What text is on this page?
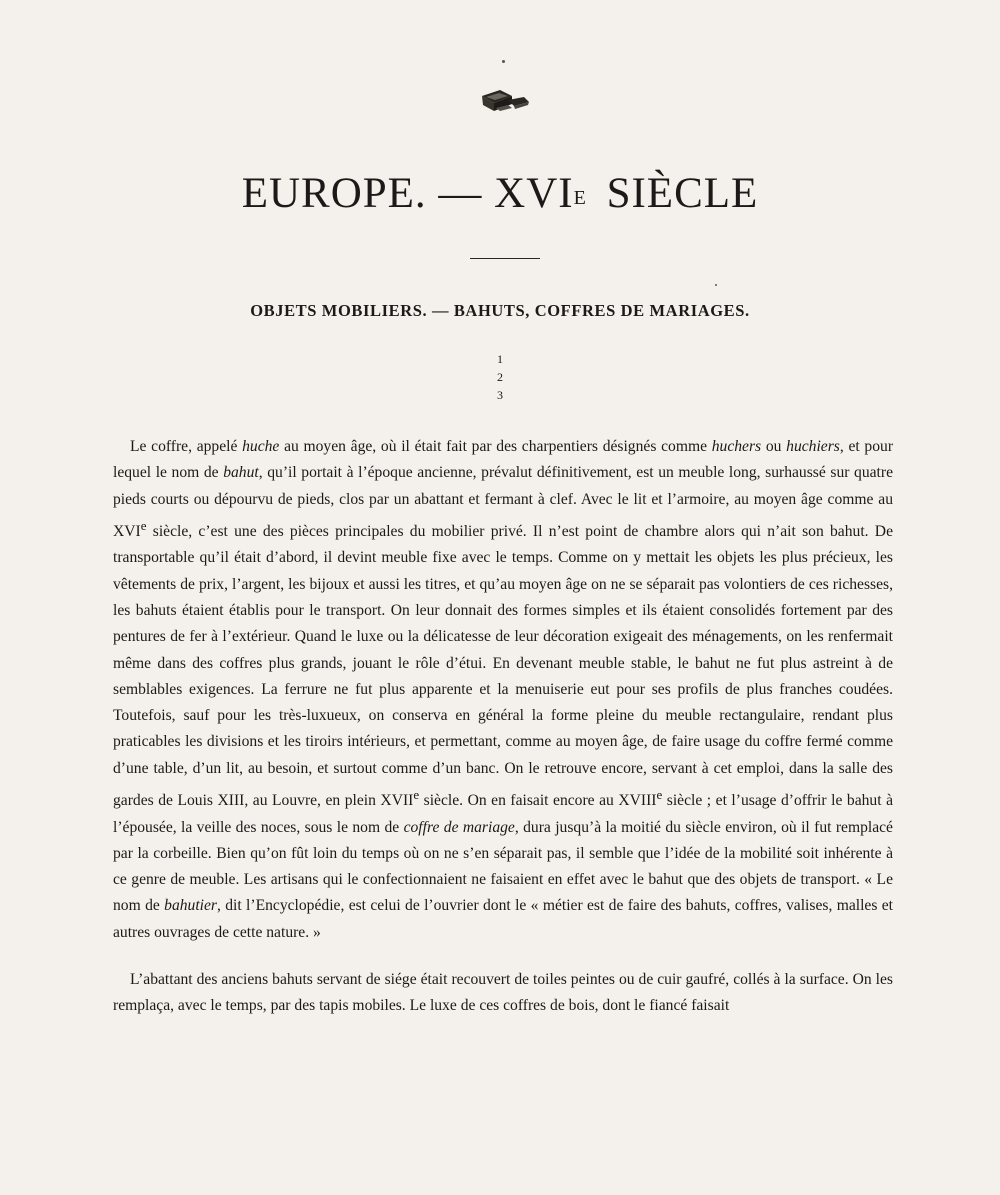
EUROPE. — $XVI^E$ SIÈCLE
OBJETS MOBILIERS. — BAHUTS, COFFRES DE MARIAGES.
1
2
3

Le coffre, appelé huche au moyen âge, où il était fait par des charpentiers désignés comme huchers ou huchiers, et pour lequel le nom de bahut, qu’il portait à l’époque ancienne, prévalut définitivement, est un meuble long, surhaussé sur quatre pieds courts ou dépourvu de pieds, clos par un abattant et fermant à clef. Avec le lit et l’armoire, au moyen âge comme au XVIe siècle, c’est une des pièces principales du mobilier privé. Il n’est point de chambre alors qui n’ait son bahut. De transportable qu’il était d’abord, il devint meuble fixe avec le temps. Comme on y mettait les objets les plus précieux, les vêtements de prix, l’argent, les bijoux et aussi les titres, et qu’au moyen âge on ne se séparait pas volontiers de ces richesses, les bahuts étaient établis pour le transport. On leur donnait des formes simples et ils étaient consolidés fortement par des pentures de fer à l’extérieur. Quand le luxe ou la délicatesse de leur décoration exigeait des ménagements, on les renfermait même dans des coffres plus grands, jouant le rôle d’étui. En devenant meuble stable, le bahut ne fut plus astreint à de semblables exigences. La ferrure ne fut plus apparente et la menuiserie eut pour ses profils de plus franches coudées. Toutefois, sauf pour les très-luxueux, on conserva en général la forme pleine du meuble rectangulaire, rendant plus praticables les divisions et les tiroirs intérieurs, et permettant, comme au moyen âge, de faire usage du coffre fermé comme d’une table, d’un lit, au besoin, et surtout comme d’un banc. On le retrouve encore, servant à cet emploi, dans la salle des gardes de Louis XIII, au Louvre, en plein XVIIe siècle. On en faisait encore au XVIIIe siècle ; et l’usage d’offrir le bahut à l’épousée, la veille des noces, sous le nom de coffre de mariage, dura jusqu’à la moitié du siècle environ, où il fut remplacé par la corbeille. Bien qu’on fût loin du temps où on ne s’en séparait pas, il semble que l’idée de la mobilité soit inhérente à ce genre de meuble. Les artisans qui le confectionnaient ne faisaient en effet avec le bahut que des objets de transport. « Le nom de bahutier, dit l’Encyclopédie, est celui de l’ouvrier dont le « métier est de faire des bahuts, coffres, valises, malles et autres ouvrages de cette nature. »

L’abattant des anciens bahuts servant de siége était recouvert de toiles peintes ou de cuir gaufré, collés à la surface. On les remplaça, avec le temps, par des tapis mobiles. Le luxe de ces coffres de bois, dont le fiancé faisait
